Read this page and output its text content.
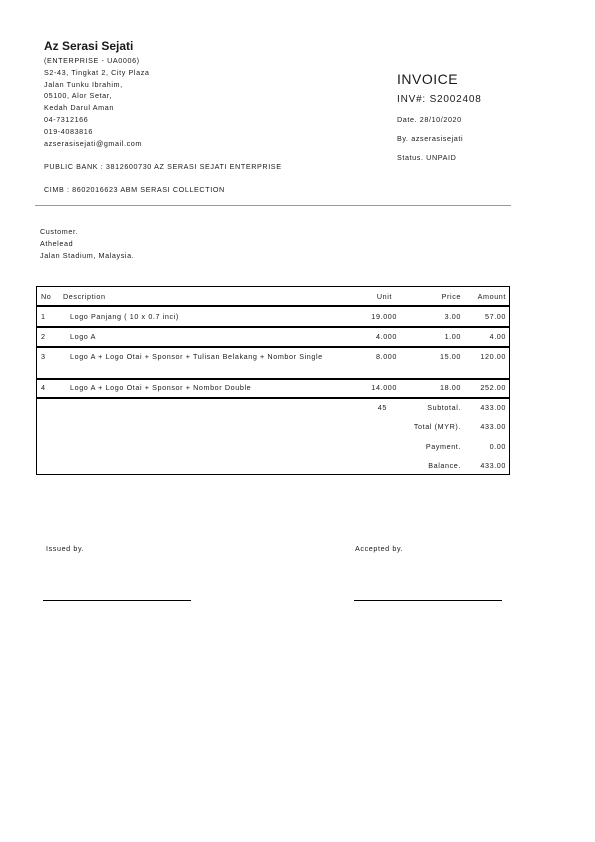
Az Serasi Sejati
(ENTERPRISE - UA0006)
S2-43, Tingkat 2, City Plaza
Jalan Tunku Ibrahim,
05100, Alor Setar,
Kedah Darul Aman
04-7312166
019-4083816
azserasisejati@gmail.com
PUBLIC BANK : 3812600730 AZ SERASI SEJATI ENTERPRISE
CIMB : 8602016623 ABM SERASI COLLECTION
INVOICE
INV#: S2002408
Date. 28/10/2020
By. azserasisejati
Status. UNPAID
Customer.
Athelead
Jalan Stadium, Malaysia.
No Description	Unit	Price	Amount
1	Logo Panjang ( 10 x 0.7 inci)	19.000	3.00	57.00
2	Logo A	4.000	1.00	4.00
3	Logo A + Logo Otai + Sponsor + Tulisan Belakang + Nombor Single	8.000	15.00	120.00
4	Logo A + Logo Otai + Sponsor + Nombor Double	14.000	18.00	252.00
45	Subtotal.	433.00
Total (MYR).	433.00
Payment.	0.00
Balance.	433.00
Issued by.	Accepted by.
